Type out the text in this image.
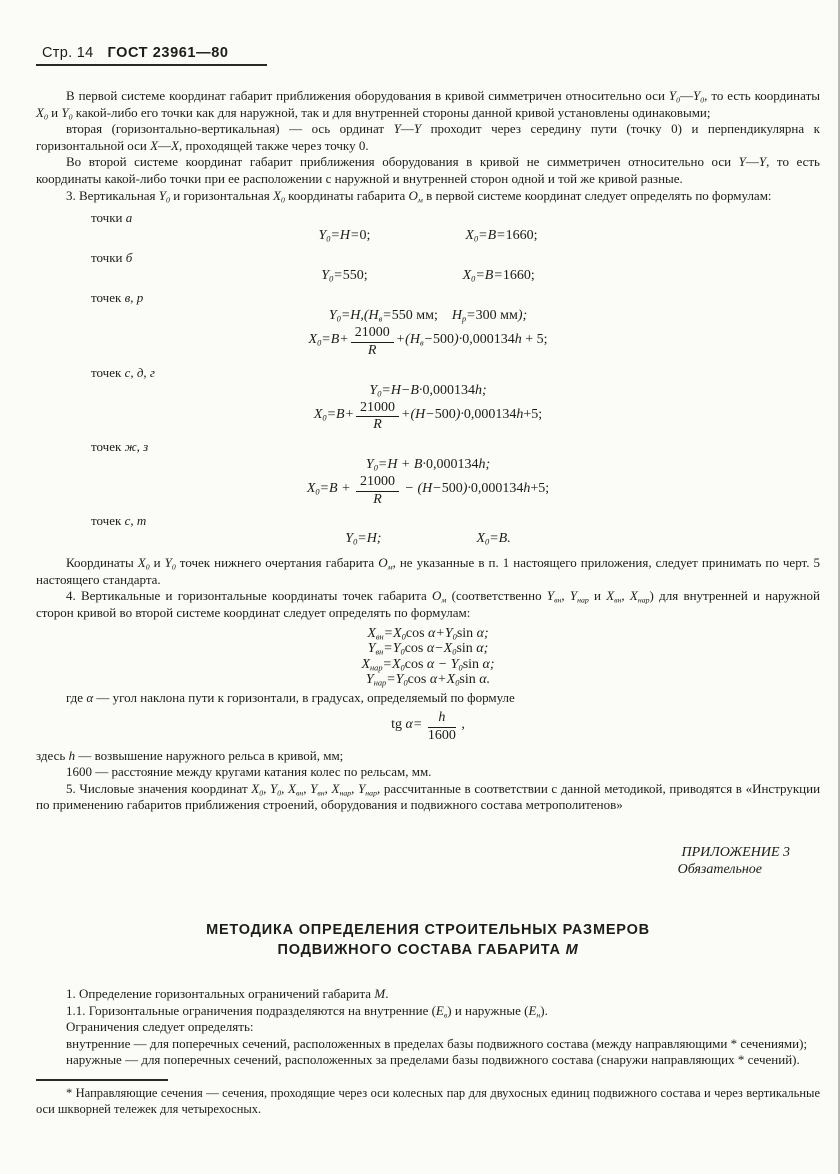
Стр. 14 ГОСТ 23961—80

В первой системе координат габарит приближения оборудования в кривой симметричен относительно оси $Y_0—Y_0$, то есть координаты $X_0$ и $Y_0$ какой-либо его точки как для наружной, так и для внутренней стороны данной кривой установлены одинаковыми;

вторая (горизонтально-вертикальная) — ось ординат Y—Y проходит через середину пути (точку 0) и перпендикулярна к горизонтальной оси X—X, проходящей также через точку 0.

Во второй системе координат габарит приближения оборудования в кривой не симметричен относительно оси Y—Y, то есть координаты какой-либо точки при ее расположении с наружной и внутренней сторон одной и той же кривой разные.

3. Вертикальная $Y_0$ и горизонтальная $X_0$ координаты габарита $О_м$ в первой системе координат следует определять по формулам:

точки а
$Y_0=H=0$;	$X_0=B=1660$;
точки б
$Y_0=550$;	$X_0=B=1660$;
точек в, р
$Y_0=H,(H_в=550$ мм; $H_р=300$ мм);
$X_0=B+ \frac{21000}{R} +(H_в-500)\cdot 0,000134h + 5$;
точек с, д, г
$Y_0=H-B\cdot 0,000134h$;
$X_0=B+ \frac{21000}{R} +(H-500)\cdot 0,000134h+5$;
точек ж, з
$Y_0=H + B\cdot 0,000134h$;
$X_0=B + \frac{21000}{R} - (H-500)\cdot 0,000134h+5$;
точек с, т
$Y_0=H$;	$X_0=B$.

Координаты $X_0$ и $Y_0$ точек нижнего очертания габарита $О_м$, не указанные в п. 1 настоящего приложения, следует принимать по черт. 5 настоящего стандарта.

4. Вертикальные и горизонтальные координаты точек габарита $О_м$ (соответственно $Y_{вн}$, $Y_{нар}$ и $X_{вн}$, $X_{нар}$) для внутренней и наружной сторон кривой во второй системе координат следует определять по формулам:

$X_{вн}=X_0\cos$ $\alpha+Y_0\sin$ α;
$Y_{вн}=Y_0\cos$ $\alpha-X_0\sin$ α;
$X_{нар}=X_0\cos$ $\alpha - Y_0\sin$ α;
$Y_{нар}=Y_0\cos$ $\alpha+X_0\sin$ α.

где α — угол наклона пути к горизонтали, в градусах, определяемый по формуле

tg $\alpha= \frac{h}{1600}$ ,

здесь h — возвышение наружного рельса в кривой, мм;

1600 — расстояние между кругами катания колес по рельсам, мм.

5. Числовые значения координат $X_0$, $Y_0$, $X_{вн}$, $Y_{вн}$, $X_{нар}$, $Y_{нар}$, рассчитанные в соответствии с данной методикой, приводятся в «Инструкции по применению габаритов приближения строений, оборудования и подвижного состава метрополитенов»

ПРИЛОЖЕНИЕ 3
Обязательное
МЕТОДИКА ОПРЕДЕЛЕНИЯ СТРОИТЕЛЬНЫХ РАЗМЕРОВ
ПОДВИЖНОГО СОСТАВА ГАБАРИТА М

1. Определение горизонтальных ограничений габарита М.

1.1. Горизонтальные ограничения подразделяются на внутренние $(Е_в)$ и наружные $(Е_н)$.

Ограничения следует определять:

внутренние — для поперечных сечений, расположенных в пределах базы подвижного состава (между направляющими * сечениями);

наружные — для поперечных сечений, расположенных за пределами базы подвижного состава (снаружи направляющих * сечений).

* Направляющие сечения — сечения, проходящие через оси колесных пар для двухосных единиц подвижного состава и через вертикальные оси шкворней тележек для четырехосных.
